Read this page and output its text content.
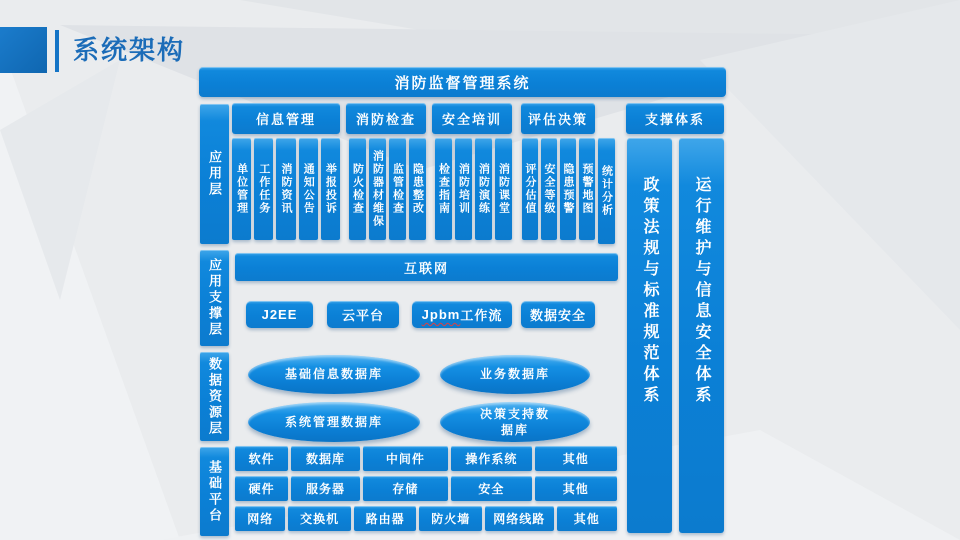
系统架构
消防监督管理系统
应用层
应用支撑层
数据资源层
基础平台
信息管理
单位管理 工作任务 消防资讯 通知公告 举报投诉
消防检查
防火检查 消防器材维保 监管检查 隐患整改
安全培训
检查指南 消防培训 消防演练 消防课堂
评估决策
评分估值 安全等级 隐患预警 预警地图 统计分析
支撑体系
政策法规与标准规范体系	运行维护与信息安全体系
互联网
J2EE	云平台	Jpbm 工作流	数据安全
基础信息数据库	业务数据库
系统管理数据库
决策支持数据库
软件	数据库	中间件	操作系统	其他
硬件	服务器	存储	安全	其他
网络	交换机	路由器	防火墙	网络线路	其他
